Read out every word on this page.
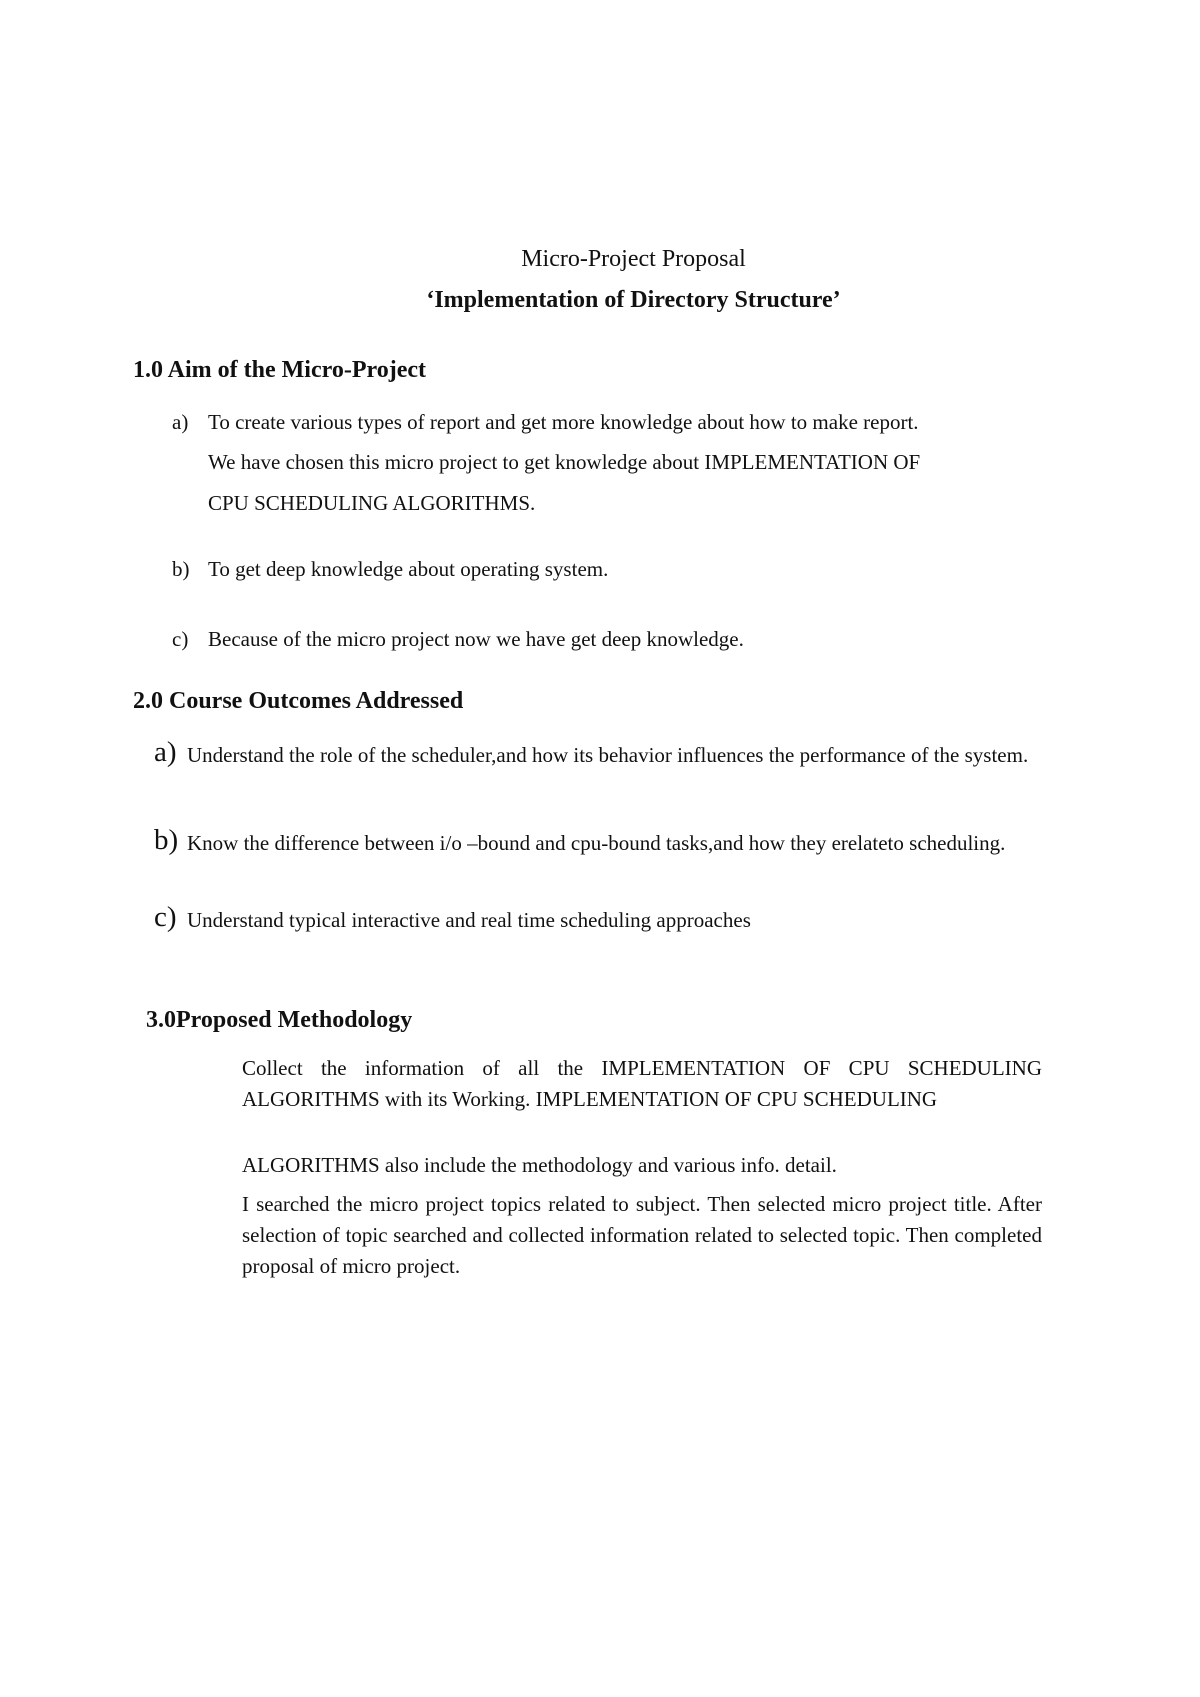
Micro-Project Proposal
‘Implementation of Directory Structure’
1.0 Aim of the Micro-Project
a) To create various types of report and get more knowledge about how to make report.
We have chosen this micro project to get knowledge about IMPLEMENTATION OF
CPU SCHEDULING ALGORITHMS.
b) To get deep knowledge about operating system.
c) Because of the micro project now we have get deep knowledge.
2.0 Course Outcomes Addressed
a) Understand the role of the scheduler,and how its behavior influences the performance of the system.
b) Know the difference between i/o –bound and cpu-bound tasks,and how they erelateto scheduling.
c) Understand typical interactive and real time scheduling approaches
3.0Proposed Methodology
Collect the information of all the IMPLEMENTATION OF CPU SCHEDULING ALGORITHMS with its Working. IMPLEMENTATION OF CPU SCHEDULING
ALGORITHMS also include the methodology and various info. detail.
I searched the micro project topics related to subject. Then selected micro project title. After selection of topic searched and collected information related to selected topic. Then completed proposal of micro project.
